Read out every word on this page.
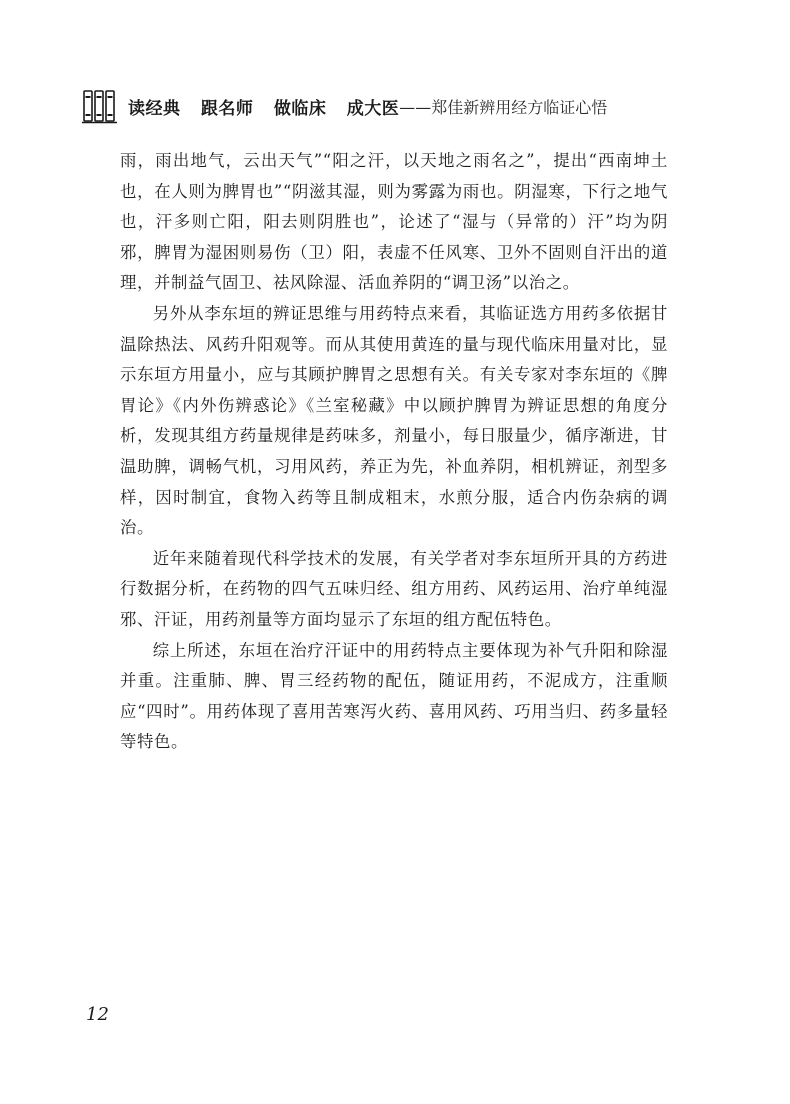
读经典 跟名师 做临床 成大医 ——郑佳新辨用经方临证心悟

雨，雨出地气，云出天气”“阳之汗，以天地之雨名之”，提出“西南坤土也，在人则为脾胃也”“阴滋其湿，则为雾露为雨也。阴湿寒，下行之地气也，汗多则亡阳，阳去则阴胜也”，论述了“湿与（异常的）汗”均为阴邪，脾胃为湿困则易伤（卫）阳，表虚不任风寒、卫外不固则自汗出的道理，并制益气固卫、祛风除湿、活血养阴的“调卫汤”以治之。

另外从李东垣的辨证思维与用药特点来看，其临证选方用药多依据甘温除热法、风药升阳观等。而从其使用黄连的量与现代临床用量对比，显示东垣方用量小，应与其顾护脾胃之思想有关。有关专家对李东垣的《脾胃论》《内外伤辨惑论》《兰室秘藏》中以顾护脾胃为辨证思想的角度分析，发现其组方药量规律是药味多，剂量小，每日服量少，循序渐进，甘温助脾，调畅气机，习用风药，养正为先，补血养阴，相机辨证，剂型多样，因时制宜，食物入药等且制成粗末，水煎分服，适合内伤杂病的调治。

近年来随着现代科学技术的发展，有关学者对李东垣所开具的方药进行数据分析，在药物的四气五味归经、组方用药、风药运用、治疗单纯湿邪、汗证，用药剂量等方面均显示了东垣的组方配伍特色。

综上所述，东垣在治疗汗证中的用药特点主要体现为补气升阳和除湿并重。注重肺、脾、胃三经药物的配伍，随证用药，不泥成方，注重顺应“四时”。用药体现了喜用苦寒泻火药、喜用风药、巧用当归、药多量轻等特色。

12
